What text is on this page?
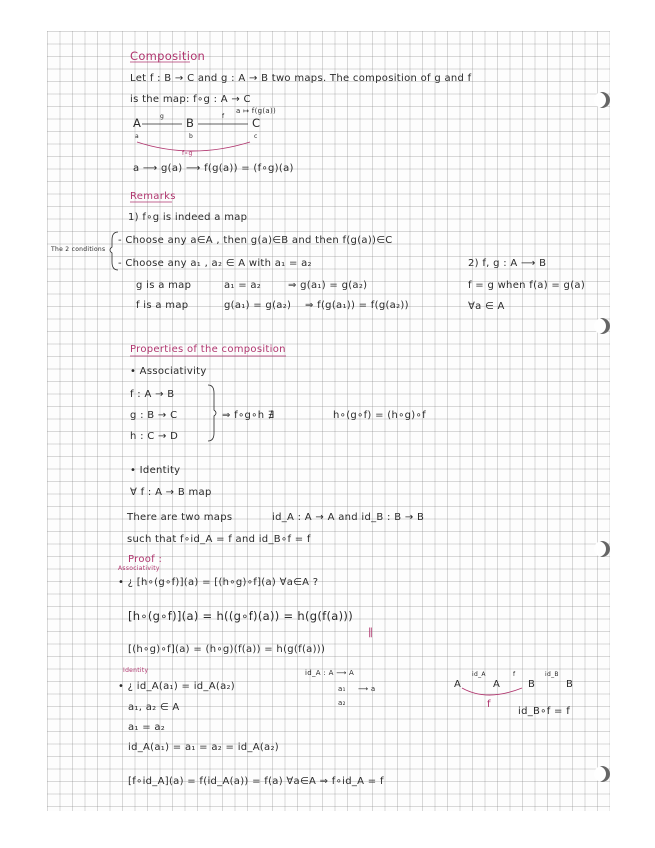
Composition
Let f : B → C and g : A → B two maps. The composition of g and f
is the map: f∘g : A → C
a ↦ f(g(a))
A	g B	f C
a	b	c
f∘g
a ⟶ g(a) ⟶ f(g(a)) = (f∘g)(a)
Remarks
1) f∘g is indeed a map
The 2 conditions
- Choose any a∈A , then g(a)∈B and then f(g(a))∈C
- Choose any a₁ , a₂ ∈ A with a₁ = a₂
g is a map	a₁ = a₂	⇒ g(a₁) = g(a₂)
f is a map	g(a₁) = g(a₂) ⇒ f(g(a₁)) = f(g(a₂))
2) f, g : A ⟶ B
f = g when f(a) = g(a)
∀a ∈ A
Properties of the composition
• Associativity
f : A → B
g : B → C
h : C → D
⇒ f∘g∘h ∄	h∘(g∘f) = (h∘g)∘f
• Identity
∀ f : A → B map
There are two maps	id_A : A → A and id_B : B → B
such that f∘id_A = f and id_B∘f = f
Proof :
Associativity
• ¿ [h∘(g∘f)](a) = [(h∘g)∘f](a) ∀a∈A ?
[h∘(g∘f)](a) = h((g∘f)(a)) = h(g(f(a)))
‖
[(h∘g)∘f](a) = (h∘g)(f(a)) = h(g(f(a)))
Identity
• ¿ id_A(a₁) = id_A(a₂)
a₁, a₂ ∈ A
a₁ = a₂
id_A(a₁) = a₁ = a₂ = id_A(a₂)
[f∘id_A](a) = f(id_A(a)) = f(a) ∀a∈A ⇒ f∘id_A = f
id_A : A ⟶ A
a₁ ⟶ a
a₂
A
id_A
A
f
B
id_B
B
f
id_B∘f = f
